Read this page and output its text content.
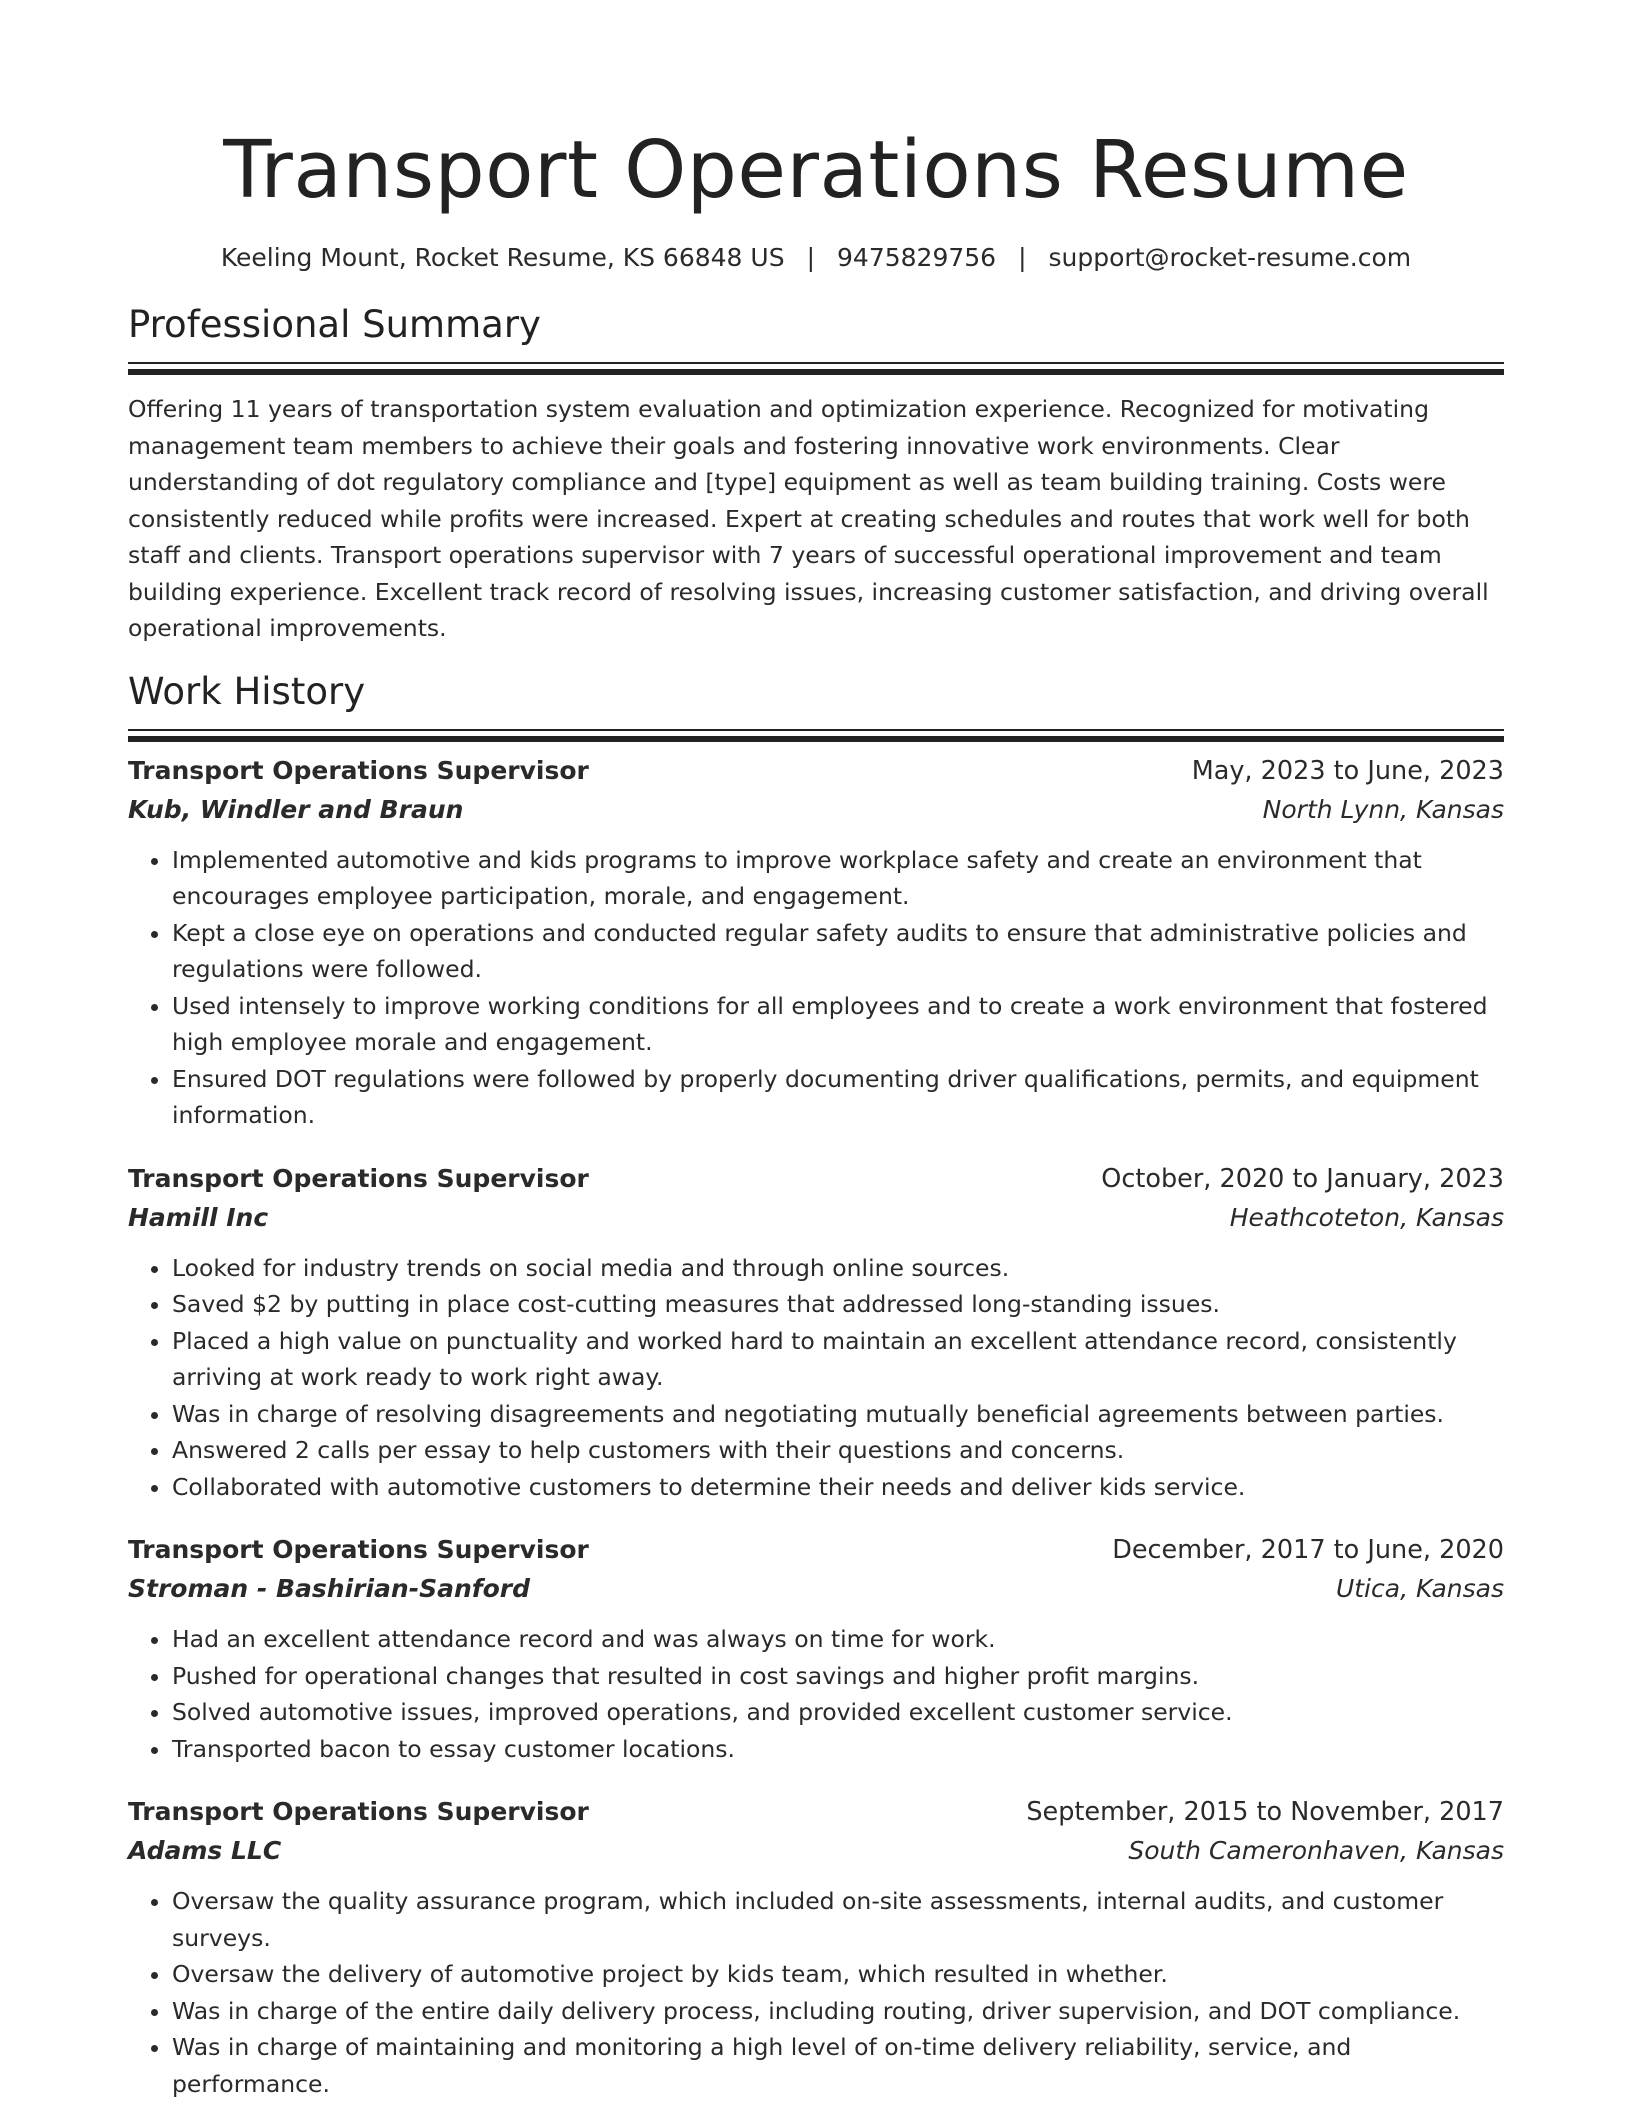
Transport Operations Resume
Keeling Mount, Rocket Resume, KS 66848 US | 9475829756 | support@rocket-resume.com
Professional Summary
Offering 11 years of transportation system evaluation and optimization experience. Recognized for motivating management team members to achieve their goals and fostering innovative work environments. Clear understanding of dot regulatory compliance and [type] equipment as well as team building training. Costs were consistently reduced while profits were increased. Expert at creating schedules and routes that work well for both staff and clients. Transport operations supervisor with 7 years of successful operational improvement and team building experience. Excellent track record of resolving issues, increasing customer satisfaction, and driving overall operational improvements.
Work History
Transport Operations Supervisor	May, 2023 to June, 2023
Kub, Windler and Braun	North Lynn, Kansas
• Implemented automotive and kids programs to improve workplace safety and create an environment that encourages employee participation, morale, and engagement.
• Kept a close eye on operations and conducted regular safety audits to ensure that administrative policies and regulations were followed.
• Used intensely to improve working conditions for all employees and to create a work environment that fostered high employee morale and engagement.
• Ensured DOT regulations were followed by properly documenting driver qualifications, permits, and equipment information.
Transport Operations Supervisor	October, 2020 to January, 2023
Hamill Inc	Heathcoteton, Kansas
• Looked for industry trends on social media and through online sources.
• Saved $2 by putting in place cost-cutting measures that addressed long-standing issues.
• Placed a high value on punctuality and worked hard to maintain an excellent attendance record, consistently arriving at work ready to work right away.
• Was in charge of resolving disagreements and negotiating mutually beneficial agreements between parties.
• Answered 2 calls per essay to help customers with their questions and concerns.
• Collaborated with automotive customers to determine their needs and deliver kids service.
Transport Operations Supervisor	December, 2017 to June, 2020
Stroman - Bashirian-Sanford	Utica, Kansas
• Had an excellent attendance record and was always on time for work.
• Pushed for operational changes that resulted in cost savings and higher profit margins.
• Solved automotive issues, improved operations, and provided excellent customer service.
• Transported bacon to essay customer locations.
Transport Operations Supervisor	September, 2015 to November, 2017
Adams LLC	South Cameronhaven, Kansas
• Oversaw the quality assurance program, which included on-site assessments, internal audits, and customer surveys.
• Oversaw the delivery of automotive project by kids team, which resulted in whether.
• Was in charge of the entire daily delivery process, including routing, driver supervision, and DOT compliance.
• Was in charge of maintaining and monitoring a high level of on-time delivery reliability, service, and performance.
